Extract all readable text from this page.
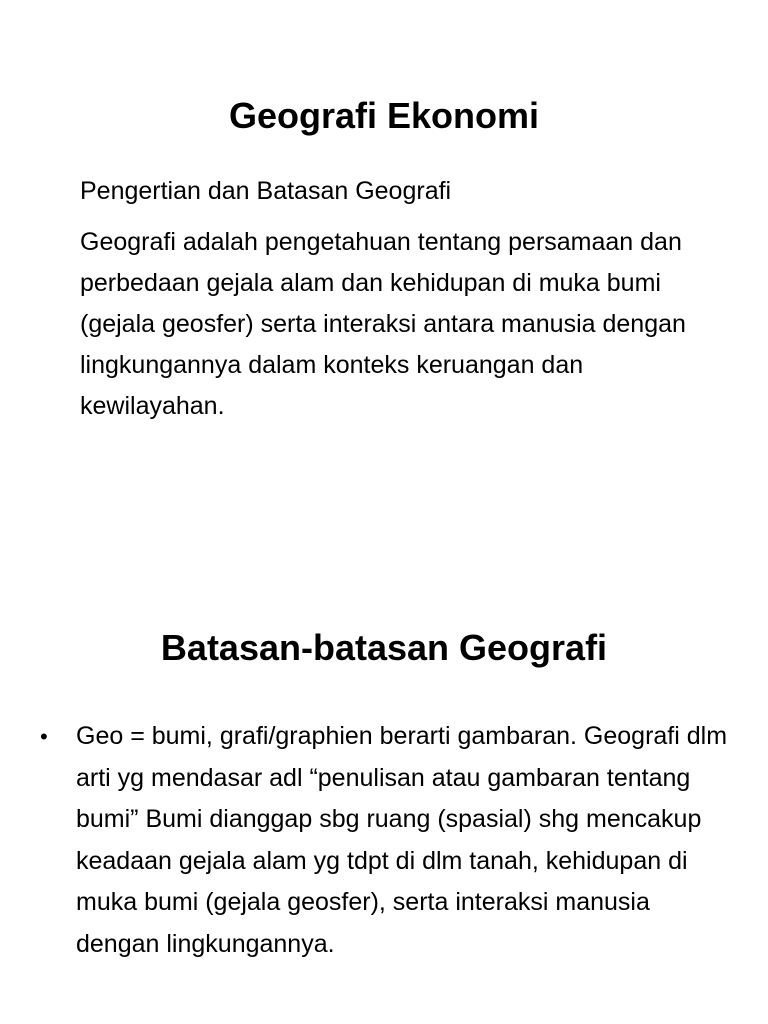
Geografi Ekonomi

Pengertian dan Batasan Geografi

Geografi adalah pengetahuan tentang persamaan dan perbedaan gejala alam dan kehidupan di muka bumi (gejala geosfer) serta interaksi antara manusia dengan lingkungannya dalam konteks keruangan dan kewilayahan.

Batasan-batasan Geografi
• Geo = bumi, grafi/graphien berarti gambaran. Geografi dlm arti yg mendasar adl “penulisan atau gambaran tentang bumi” Bumi dianggap sbg ruang (spasial) shg mencakup keadaan gejala alam yg tdpt di dlm tanah, kehidupan di muka bumi (gejala geosfer), serta interaksi manusia dengan lingkungannya.
